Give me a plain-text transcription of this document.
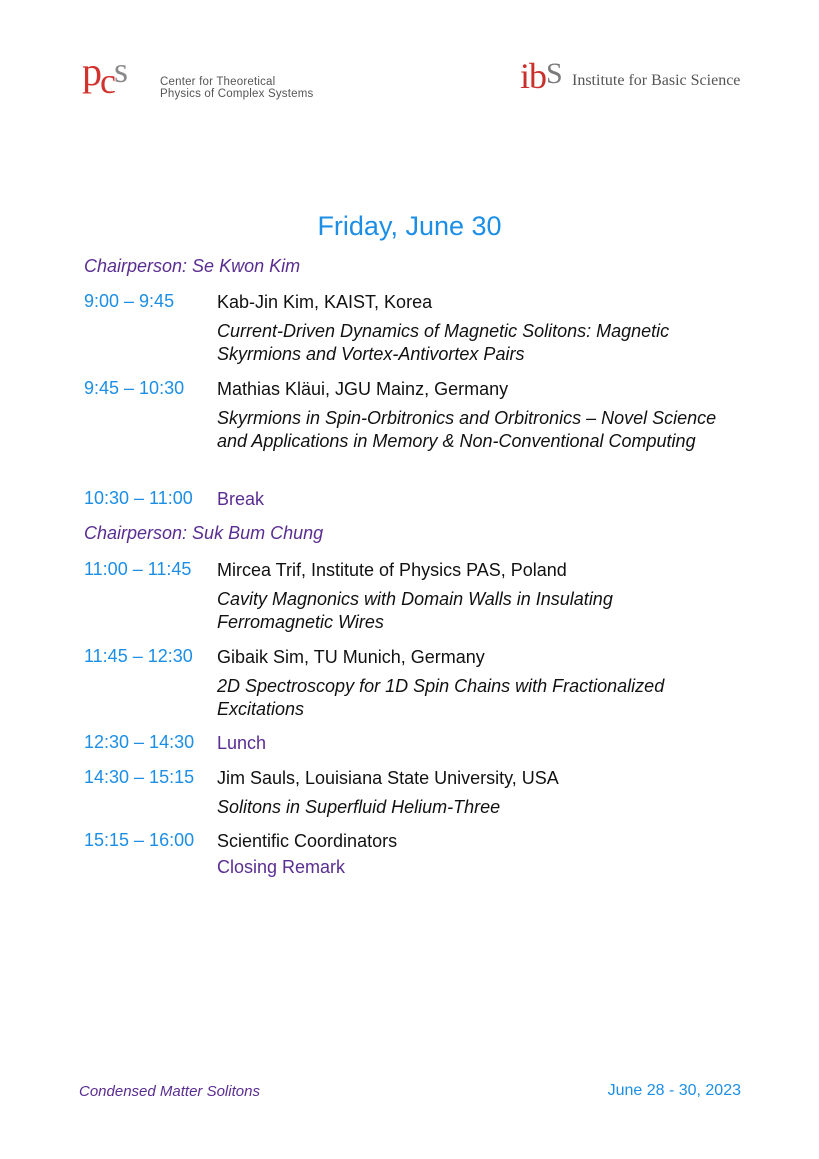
pcs	Center for Theoretical
Physics of Complex Systems	ibS Institute for Basic Science
Friday, June 30
Chairperson: Se Kwon Kim
9:00 – 9:45 Kab-Jin Kim, KAIST, Korea
Current-Driven Dynamics of Magnetic Solitons: Magnetic Skyrmions and Vortex-Antivortex Pairs
9:45 – 10:30 Mathias Kläui, JGU Mainz, Germany
Skyrmions in Spin-Orbitronics and Orbitronics – Novel Science and Applications in Memory & Non-Conventional Computing
10:30 – 11:00 Break
Chairperson: Suk Bum Chung
11:00 – 11:45 Mircea Trif, Institute of Physics PAS, Poland
Cavity Magnonics with Domain Walls in Insulating Ferromagnetic Wires
11:45 – 12:30 Gibaik Sim, TU Munich, Germany
2D Spectroscopy for 1D Spin Chains with Fractionalized Excitations
12:30 – 14:30 Lunch
14:30 – 15:15 Jim Sauls, Louisiana State University, USA
Solitons in Superfluid Helium-Three
15:15 – 16:00 Scientific Coordinators
Closing Remark
Condensed Matter Solitons	June 28 - 30, 2023
